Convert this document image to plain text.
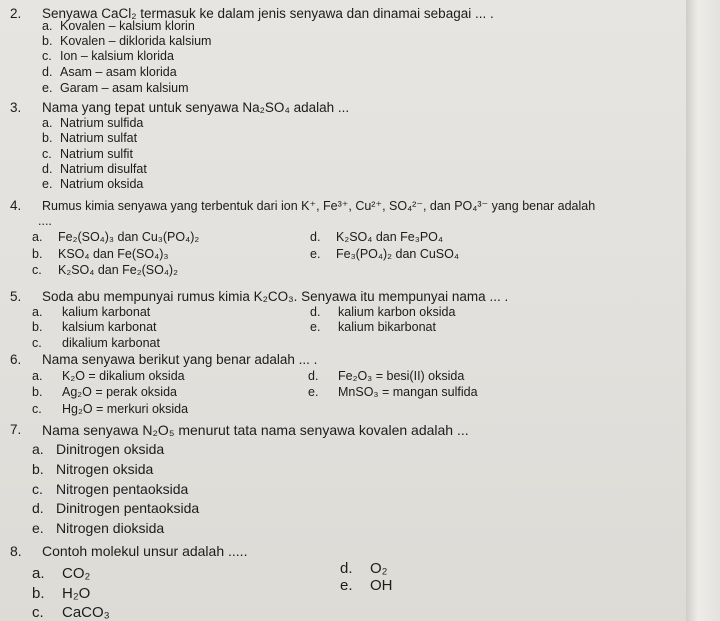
2. Senyawa CaCl₂ termasuk ke dalam jenis senyawa dan dinamai sebagai ... .
a. Kovalen – kalsium klorin
b. Kovalen – diklorida kalsium
c. Ion – kalsium klorida
d. Asam – asam klorida
e. Garam – asam kalsium
3. Nama yang tepat untuk senyawa Na₂SO₄ adalah ...
a. Natrium sulfida
b. Natrium sulfat
c. Natrium sulfit
d. Natrium disulfat
e. Natrium oksida
4. Rumus kimia senyawa yang terbentuk dari ion K⁺, Fe³⁺, Cu²⁺, SO₄²⁻, dan PO₄³⁻ yang benar adalah
....
a. Fe₂(SO₄)₃ dan Cu₃(PO₄)₂
b. KSO₄ dan Fe(SO₄)₃
c. K₂SO₄ dan Fe₂(SO₄)₂
d. K₂SO₄ dan Fe₃PO₄
e. Fe₃(PO₄)₂ dan CuSO₄
5. Soda abu mempunyai rumus kimia K₂CO₃. Senyawa itu mempunyai nama ... .
a. kalium karbonat
b. kalsium karbonat
c. dikalium karbonat
d. kalium karbon oksida
e. kalium bikarbonat
6. Nama senyawa berikut yang benar adalah ... .
a. K₂O = dikalium oksida
b. Ag₂O = perak oksida
c. Hg₂O = merkuri oksida
d. Fe₂O₃ = besi(II) oksida
e. MnSO₃ = mangan sulfida
7. Nama senyawa N₂O₅ menurut tata nama senyawa kovalen adalah ...
a. Dinitrogen oksida
b. Nitrogen oksida
c. Nitrogen pentaoksida
d. Dinitrogen pentaoksida
e. Nitrogen dioksida
8. Contoh molekul unsur adalah .....
a. CO₂
b. H₂O
c. CaCO₃
d. O₂
e. OH
